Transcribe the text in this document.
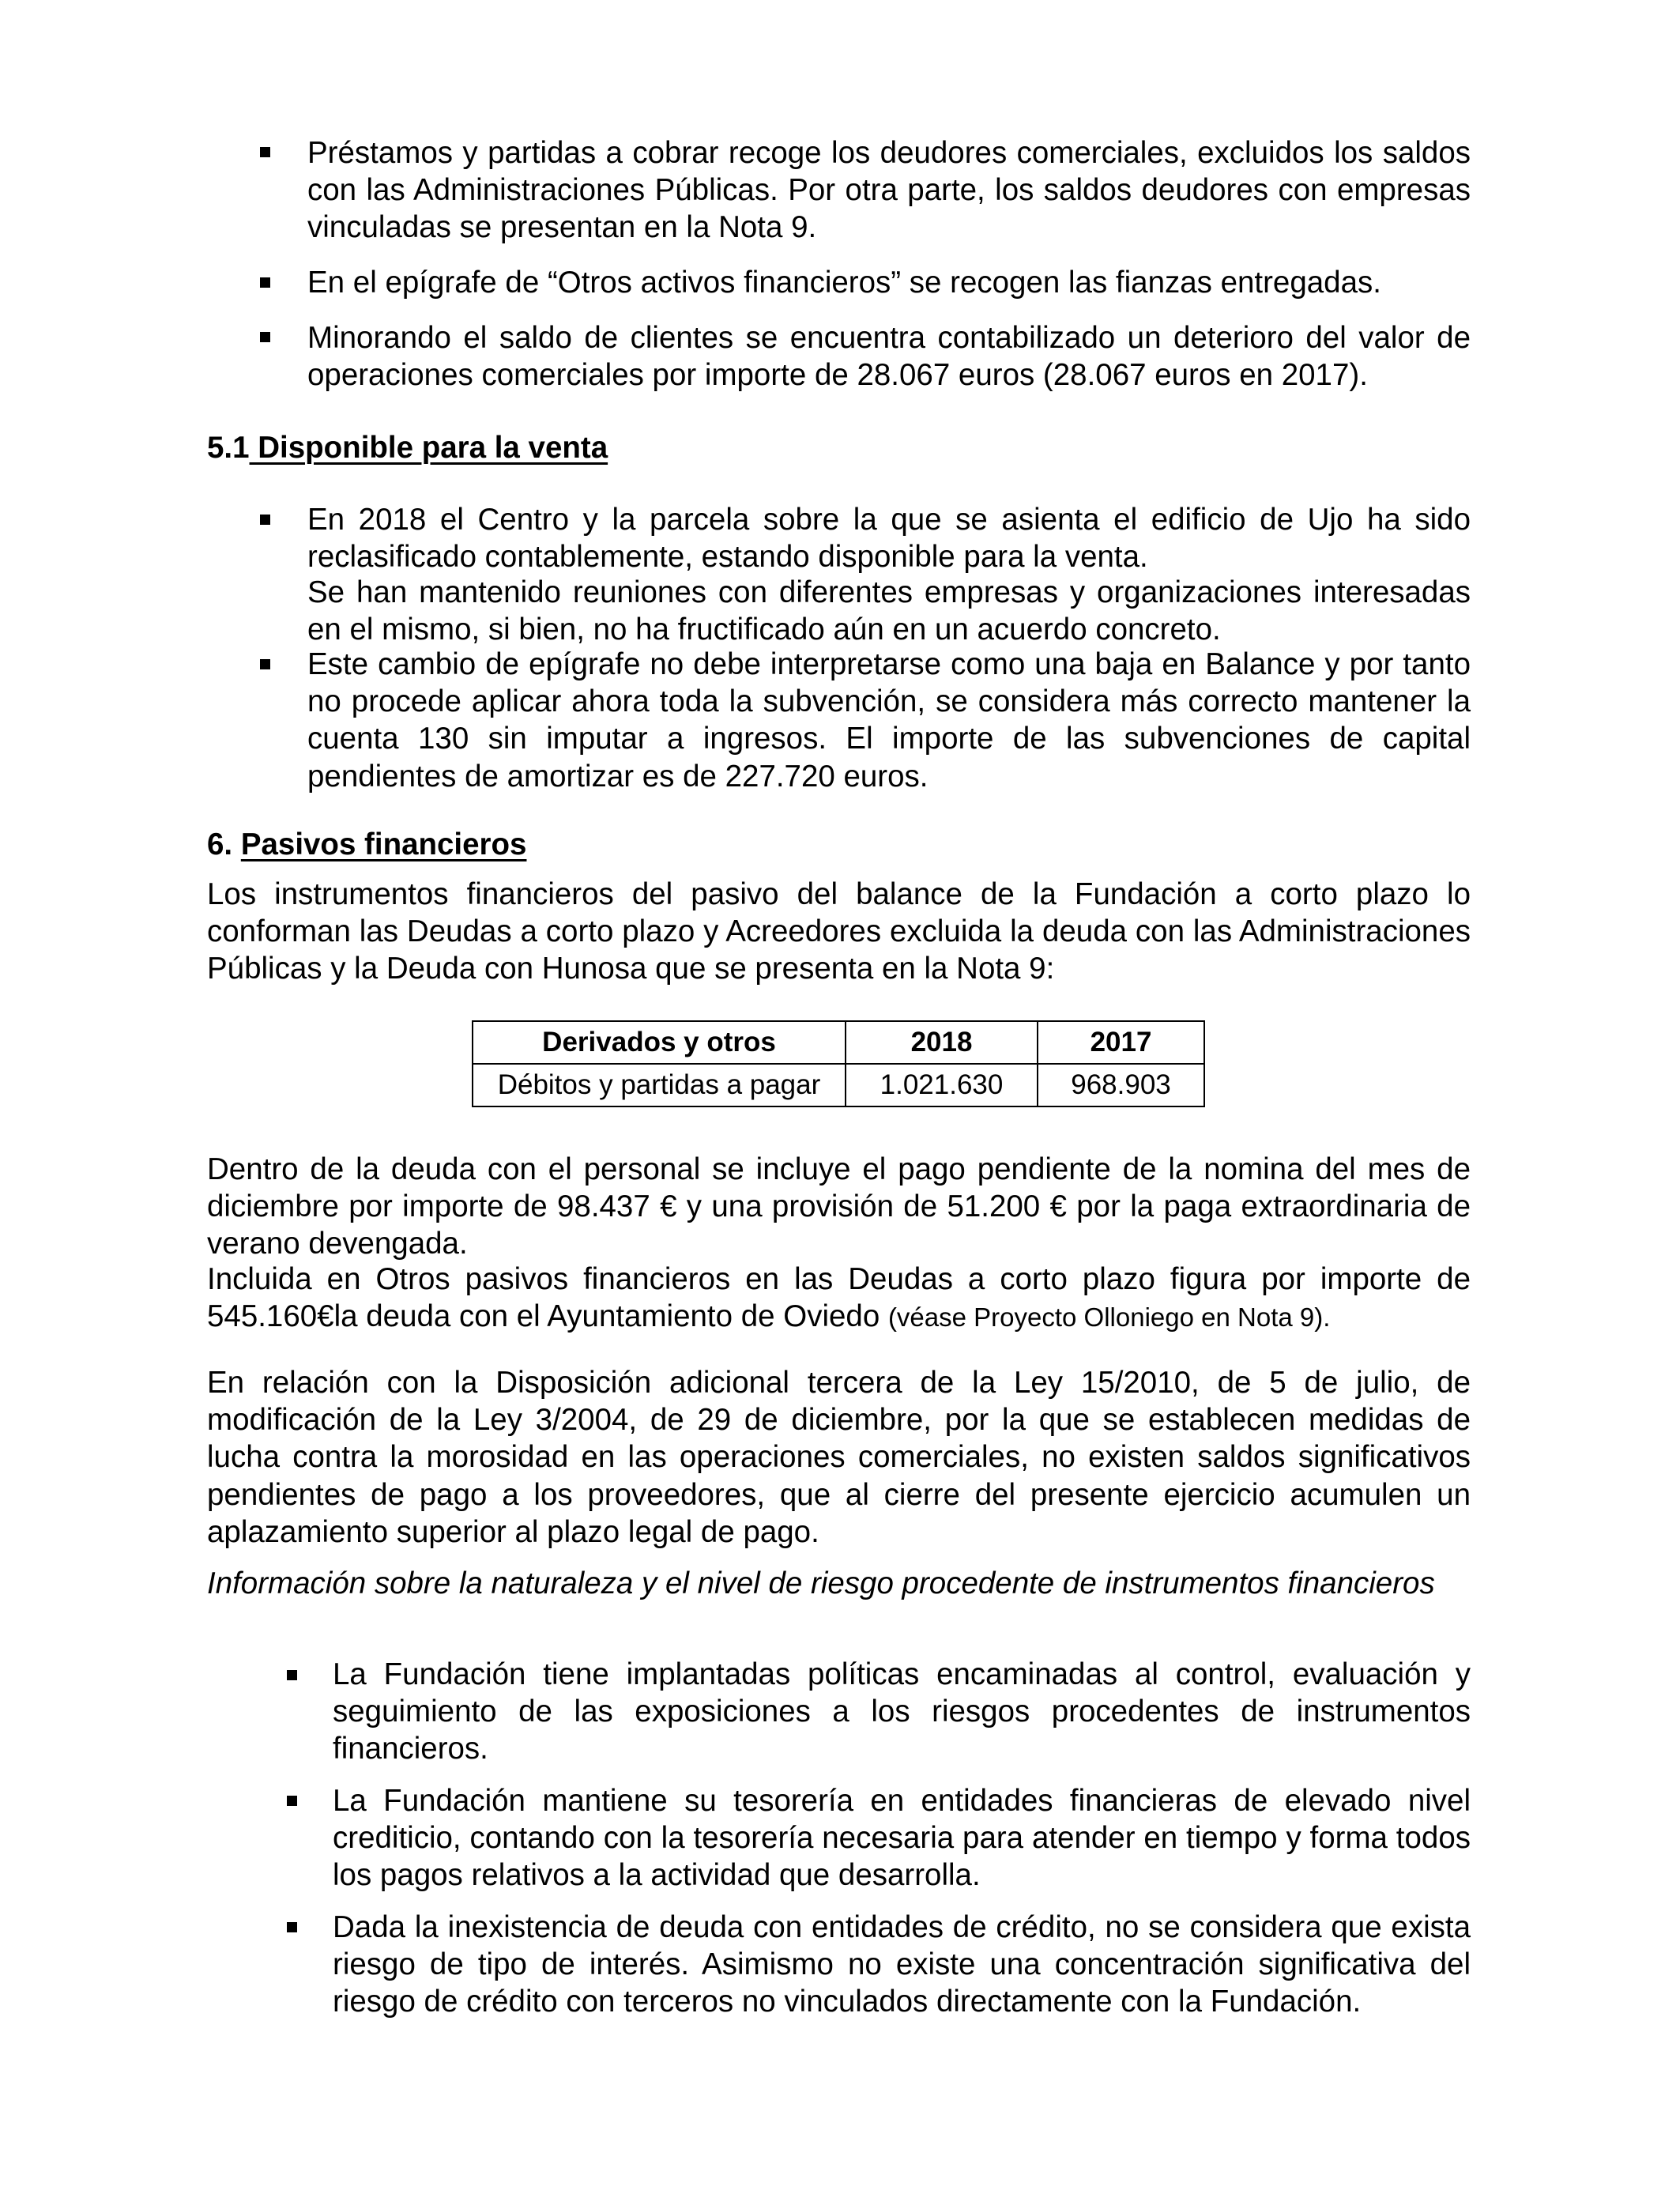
Préstamos y partidas a cobrar recoge los deudores comerciales, excluidos los saldos con las Administraciones Públicas. Por otra parte, los saldos deudores con empresas vinculadas se presentan en la Nota 9.

En el epígrafe de “Otros activos financieros” se recogen las fianzas entregadas.

Minorando el saldo de clientes se encuentra contabilizado un deterioro del valor de operaciones comerciales por importe de 28.067 euros (28.067 euros en 2017).

5.1 Disponible para la venta

En 2018 el Centro y la parcela sobre la que se asienta el edificio de Ujo ha sido reclasificado contablemente, estando disponible para la venta.

Se han mantenido reuniones con diferentes empresas y organizaciones interesadas en el mismo, si bien, no ha fructificado aún en un acuerdo concreto.

Este cambio de epígrafe no debe interpretarse como una baja en Balance y por tanto no procede aplicar ahora toda la subvención, se considera más correcto mantener la cuenta 130 sin imputar a ingresos. El importe de las subvenciones de capital pendientes de amortizar es de 227.720 euros.

6. Pasivos financieros

Los instrumentos financieros del pasivo del balance de la Fundación a corto plazo lo conforman las Deudas a corto plazo y Acreedores excluida la deuda con las Administraciones Públicas y la Deuda con Hunosa que se presenta en la Nota 9:

Derivados y otros	2018	2017
Débitos y partidas a pagar	1.021.630	968.903

Dentro de la deuda con el personal se incluye el pago pendiente de la nomina del mes de diciembre por importe de 98.437 € y una provisión de 51.200 € por la paga extraordinaria de verano devengada.

Incluida en Otros pasivos financieros en las Deudas a corto plazo figura por importe de 545.160€la deuda con el Ayuntamiento de Oviedo (véase Proyecto Olloniego en Nota 9).

En relación con la Disposición adicional tercera de la Ley 15/2010, de 5 de julio, de modificación de la Ley 3/2004, de 29 de diciembre, por la que se establecen medidas de lucha contra la morosidad en las operaciones comerciales, no existen saldos significativos pendientes de pago a los proveedores, que al cierre del presente ejercicio acumulen un aplazamiento superior al plazo legal de pago.

Información sobre la naturaleza y el nivel de riesgo procedente de instrumentos financieros

La Fundación tiene implantadas políticas encaminadas al control, evaluación y seguimiento de las exposiciones a los riesgos procedentes de instrumentos financieros.

La Fundación mantiene su tesorería en entidades financieras de elevado nivel crediticio, contando con la tesorería necesaria para atender en tiempo y forma todos los pagos relativos a la actividad que desarrolla.

Dada la inexistencia de deuda con entidades de crédito, no se considera que exista riesgo de tipo de interés. Asimismo no existe una concentración significativa del riesgo de crédito con terceros no vinculados directamente con la Fundación.
